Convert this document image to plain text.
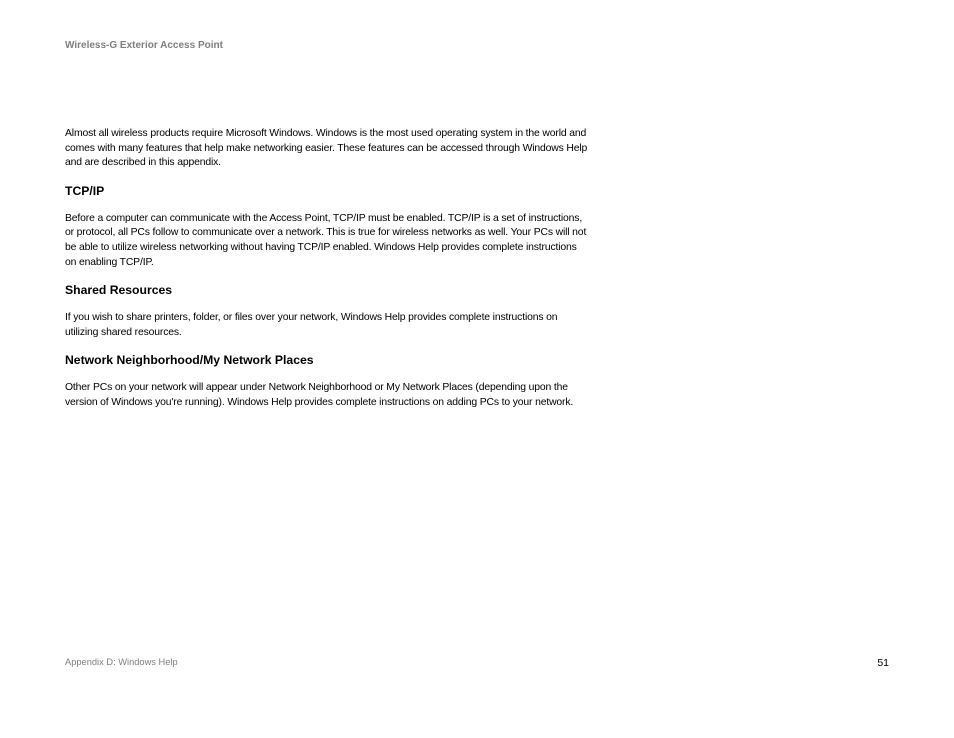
Wireless-G Exterior Access Point

Almost all wireless products require Microsoft Windows. Windows is the most used operating system in the world and comes with many features that help make networking easier. These features can be accessed through Windows Help and are described in this appendix.

TCP/IP

Before a computer can communicate with the Access Point, TCP/IP must be enabled. TCP/IP is a set of instructions, or protocol, all PCs follow to communicate over a network. This is true for wireless networks as well. Your PCs will not be able to utilize wireless networking without having TCP/IP enabled. Windows Help provides complete instructions on enabling TCP/IP.

Shared Resources

If you wish to share printers, folder, or files over your network, Windows Help provides complete instructions on utilizing shared resources.

Network Neighborhood/My Network Places

Other PCs on your network will appear under Network Neighborhood or My Network Places (depending upon the version of Windows you're running). Windows Help provides complete instructions on adding PCs to your network.

Appendix D: Windows Help	51
